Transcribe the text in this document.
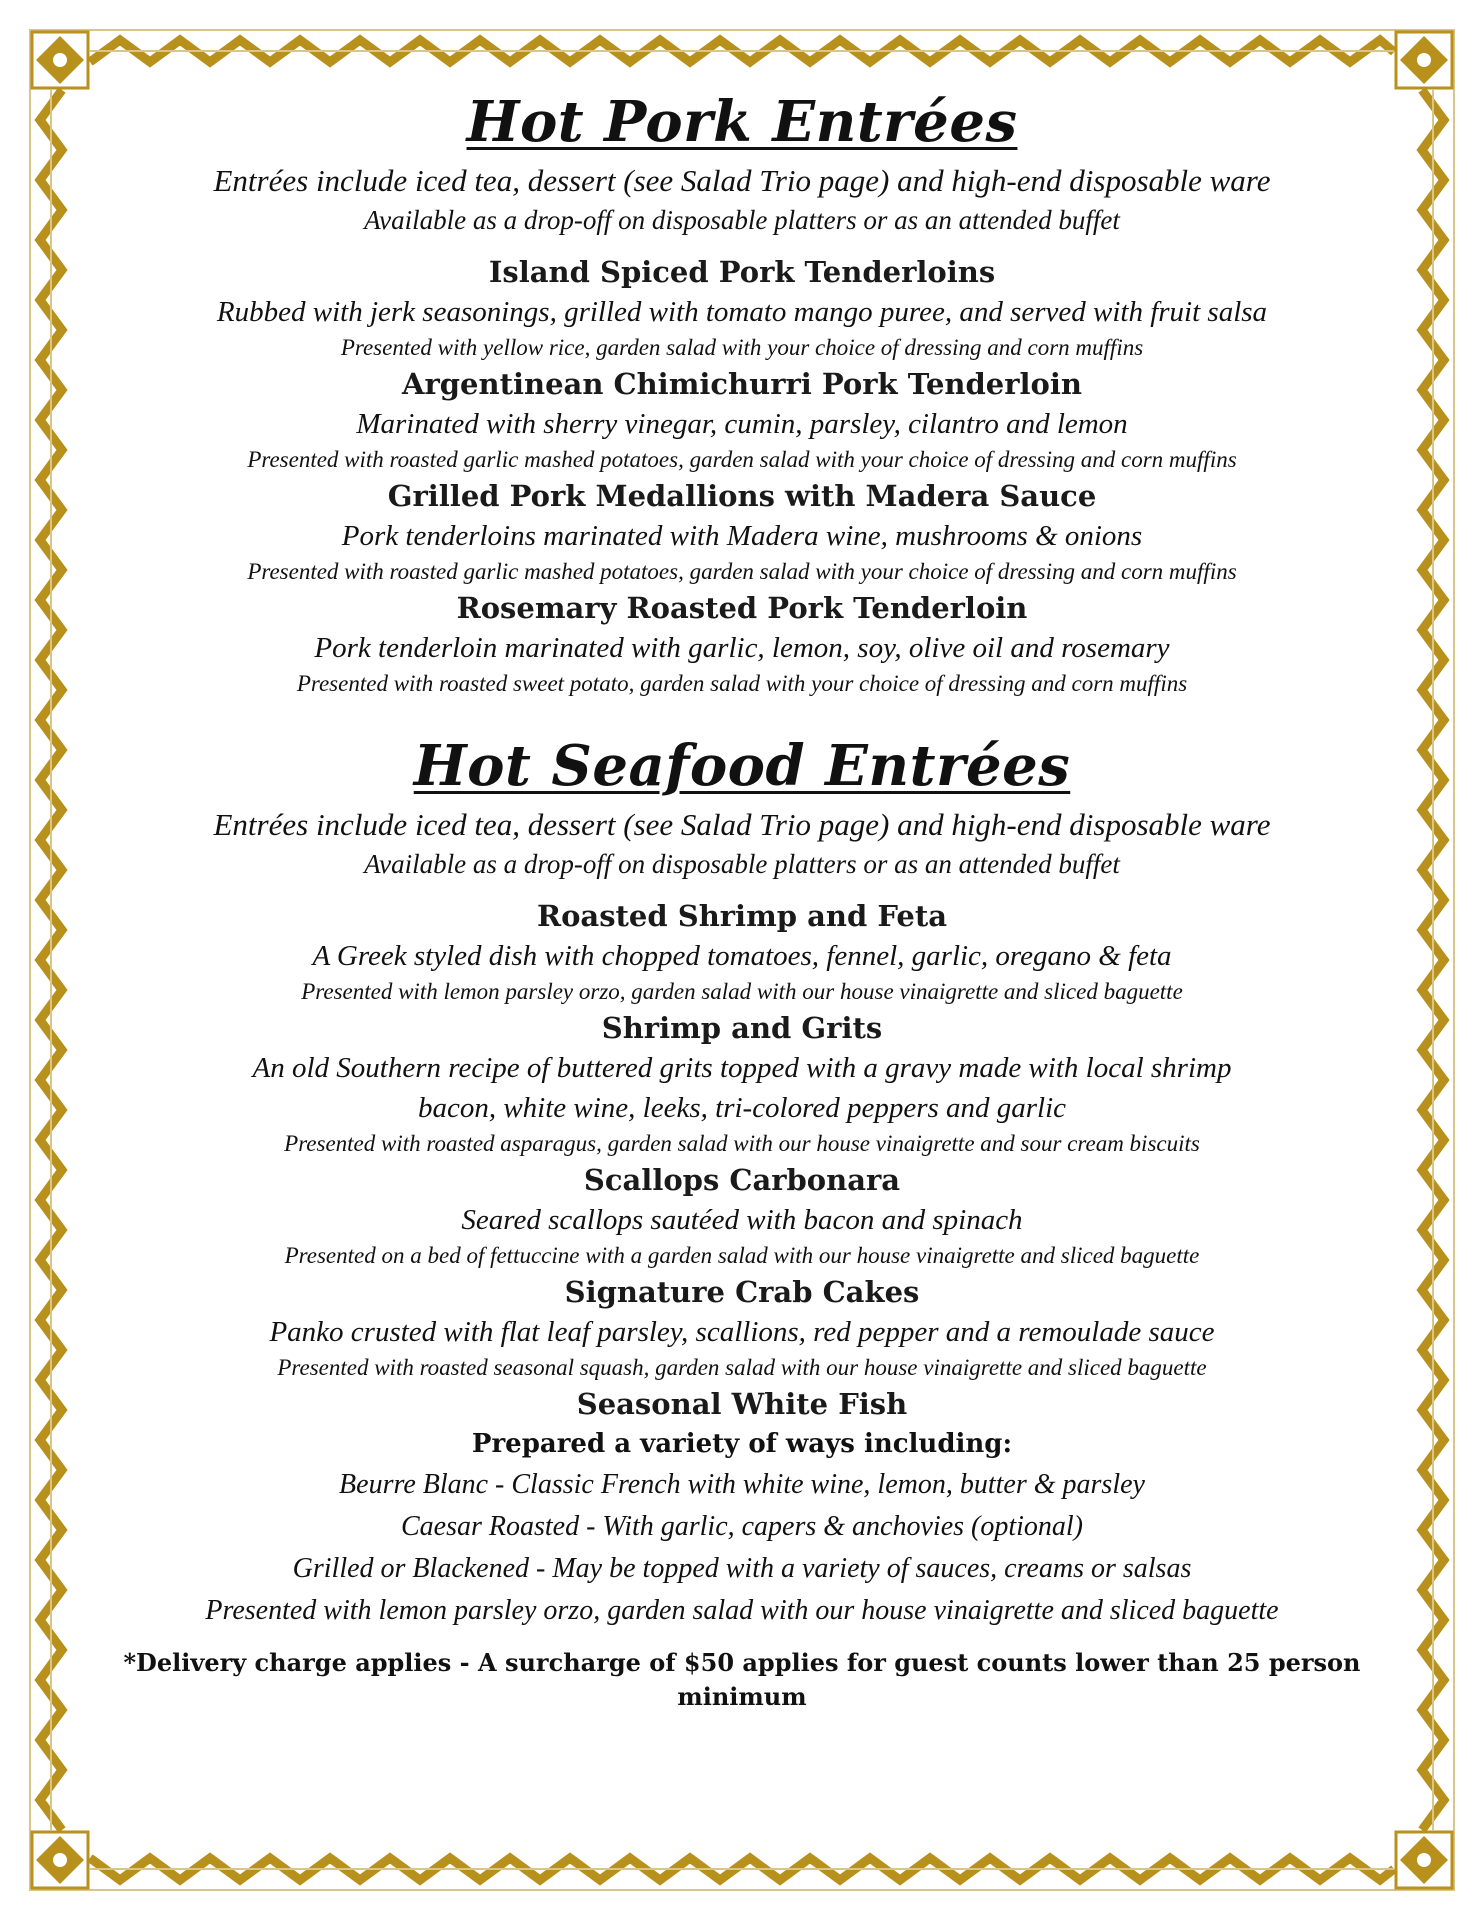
Hot Pork Entrées
Entrées include iced tea, dessert (see Salad Trio page) and high-end disposable ware
Available as a drop-off on disposable platters or as an attended buffet
Island Spiced Pork Tenderloins
Rubbed with jerk seasonings, grilled with tomato mango puree, and served with fruit salsa
Presented with yellow rice, garden salad with your choice of dressing and corn muffins
Argentinean Chimichurri Pork Tenderloin
Marinated with sherry vinegar, cumin, parsley, cilantro and lemon
Presented with roasted garlic mashed potatoes, garden salad with your choice of dressing and corn muffins
Grilled Pork Medallions with Madera Sauce
Pork tenderloins marinated with Madera wine, mushrooms & onions
Presented with roasted garlic mashed potatoes, garden salad with your choice of dressing and corn muffins
Rosemary Roasted Pork Tenderloin
Pork tenderloin marinated with garlic, lemon, soy, olive oil and rosemary
Presented with roasted sweet potato, garden salad with your choice of dressing and corn muffins
Hot Seafood Entrées
Entrées include iced tea, dessert (see Salad Trio page) and high-end disposable ware
Available as a drop-off on disposable platters or as an attended buffet
Roasted Shrimp and Feta
A Greek styled dish with chopped tomatoes, fennel, garlic, oregano & feta
Presented with lemon parsley orzo, garden salad with our house vinaigrette and sliced baguette
Shrimp and Grits
An old Southern recipe of buttered grits topped with a gravy made with local shrimp
bacon, white wine, leeks, tri-colored peppers and garlic
Presented with roasted asparagus, garden salad with our house vinaigrette and sour cream biscuits
Scallops Carbonara
Seared scallops sautéed with bacon and spinach
Presented on a bed of fettuccine with a garden salad with our house vinaigrette and sliced baguette
Signature Crab Cakes
Panko crusted with flat leaf parsley, scallions, red pepper and a remoulade sauce
Presented with roasted seasonal squash, garden salad with our house vinaigrette and sliced baguette
Seasonal White Fish
Prepared a variety of ways including:
Beurre Blanc - Classic French with white wine, lemon, butter & parsley
Caesar Roasted - With garlic, capers & anchovies (optional)
Grilled or Blackened - May be topped with a variety of sauces, creams or salsas
Presented with lemon parsley orzo, garden salad with our house vinaigrette and sliced baguette
*Delivery charge applies - A surcharge of $50 applies for guest counts lower than 25 person minimum
